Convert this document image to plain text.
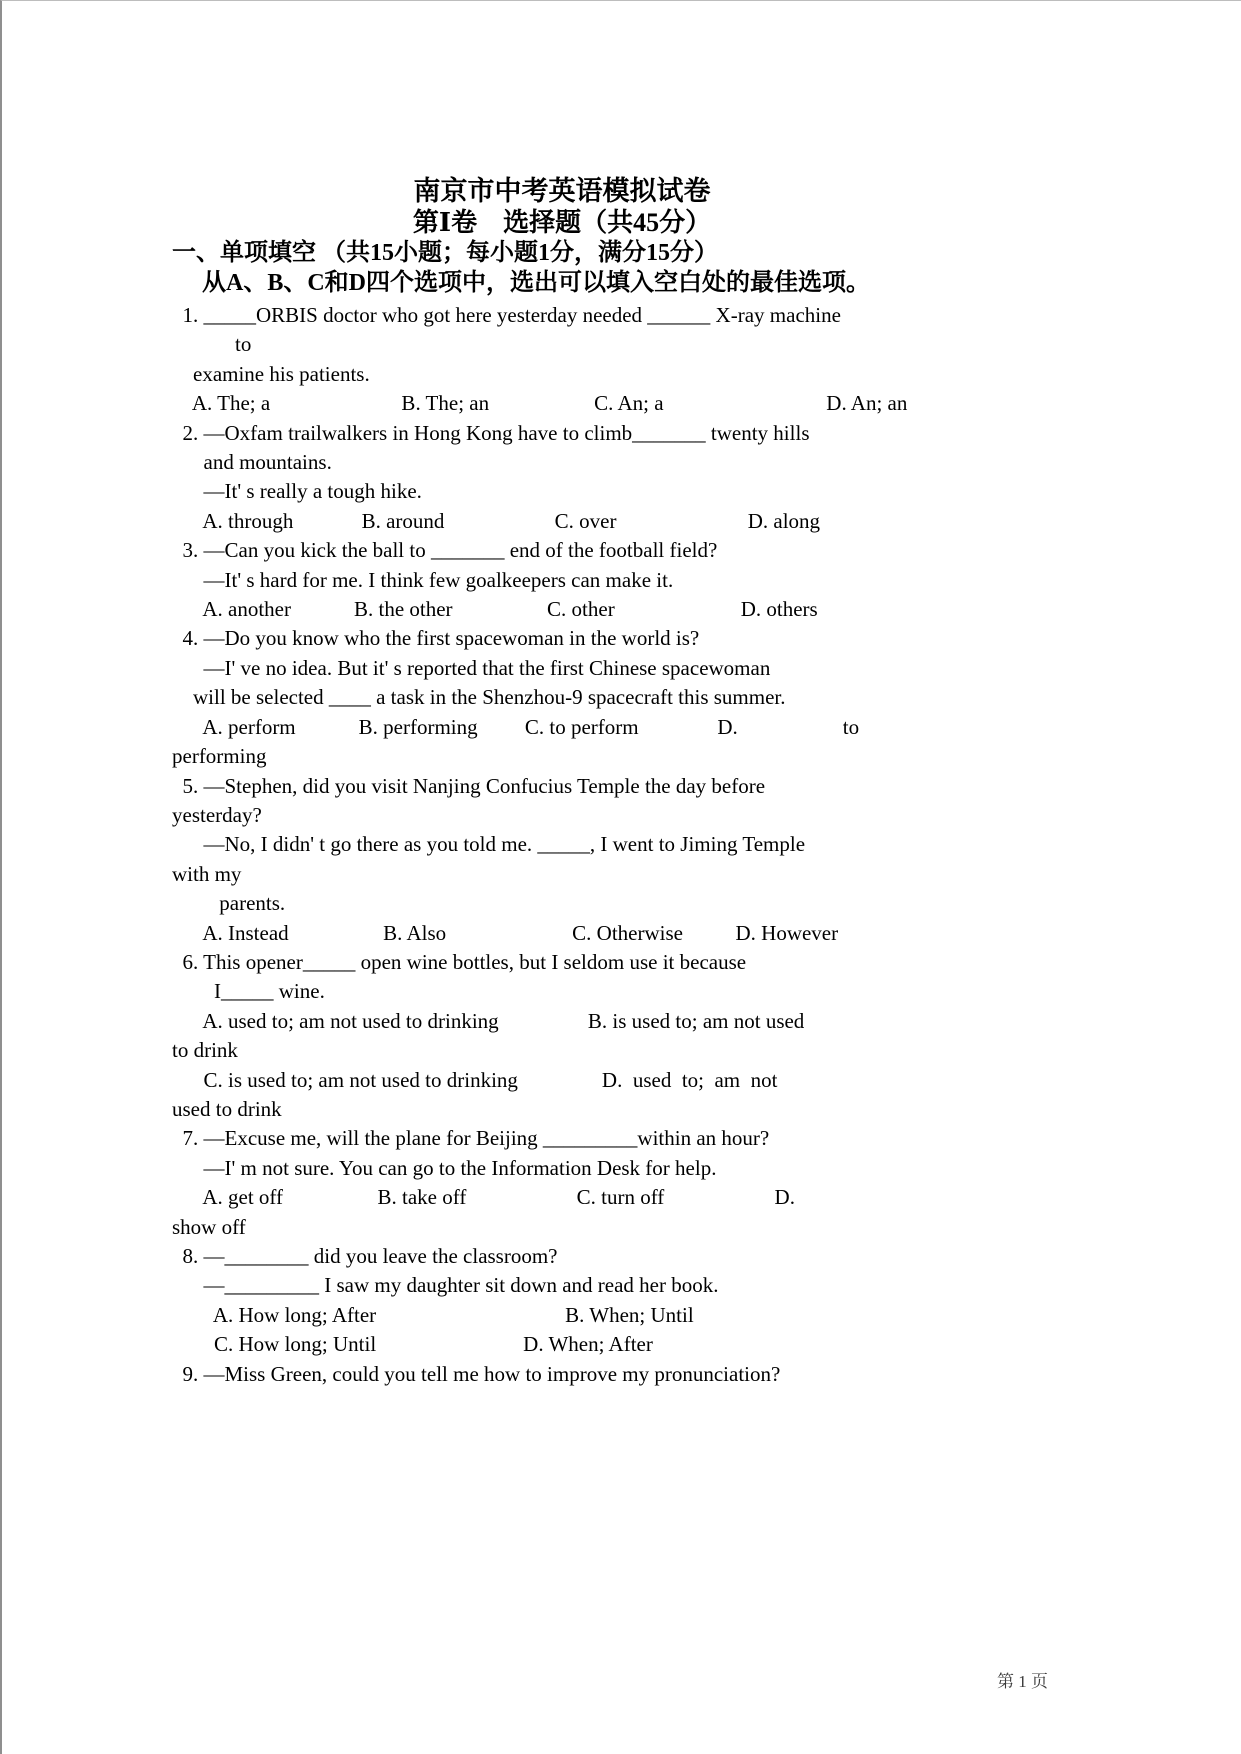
南京市中考英语模拟试卷
第Ⅰ卷　选择题（共45分）
一、单项填空 （共15小题；每小题1分，满分15分）
从A、B、C和D四个选项中，选出可以填入空白处的最佳选项。
1. _____ORBIS doctor who got here yesterday needed ______ X-ray machine
to
examine his patients.
A. The; a                         B. The; an                    C. An; a                               D. An; an
2. —Oxfam trailwalkers in Hong Kong have to climb_______ twenty hills
and mountains.
—It' s really a tough hike.
A. through             B. around                     C. over                         D. along
3. —Can you kick the ball to _______ end of the football field?
—It' s hard for me. I think few goalkeepers can make it.
A. another            B. the other                  C. other                        D. others
4. —Do you know who the first spacewoman in the world is?
—I' ve no idea. But it' s reported that the first Chinese spacewoman
will be selected ____ a task in the Shenzhou-9 spacecraft this summer.
A. perform            B. performing         C. to perform               D.                    to
performing
5. —Stephen, did you visit Nanjing Confucius Temple the day before
yesterday?
—No, I didn' t go there as you told me. _____, I went to Jiming Temple
with my
parents.
A. Instead                  B. Also                        C. Otherwise          D. However
6. This opener_____ open wine bottles, but I seldom use it because
I_____ wine.
A. used to; am not used to drinking                 B. is used to; am not used
to drink
C. is used to; am not used to drinking                D.  used  to;  am  not
used to drink
7. —Excuse me, will the plane for Beijing _________within an hour?
—I' m not sure. You can go to the Information Desk for help.
A. get off                  B. take off                     C. turn off                     D.
show off
8. —________ did you leave the classroom?
—_________ I saw my daughter sit down and read her book.
A. How long; After                                    B. When; Until
C. How long; Until                            D. When; After
9. —Miss Green, could you tell me how to improve my pronunciation?
第 1 页
